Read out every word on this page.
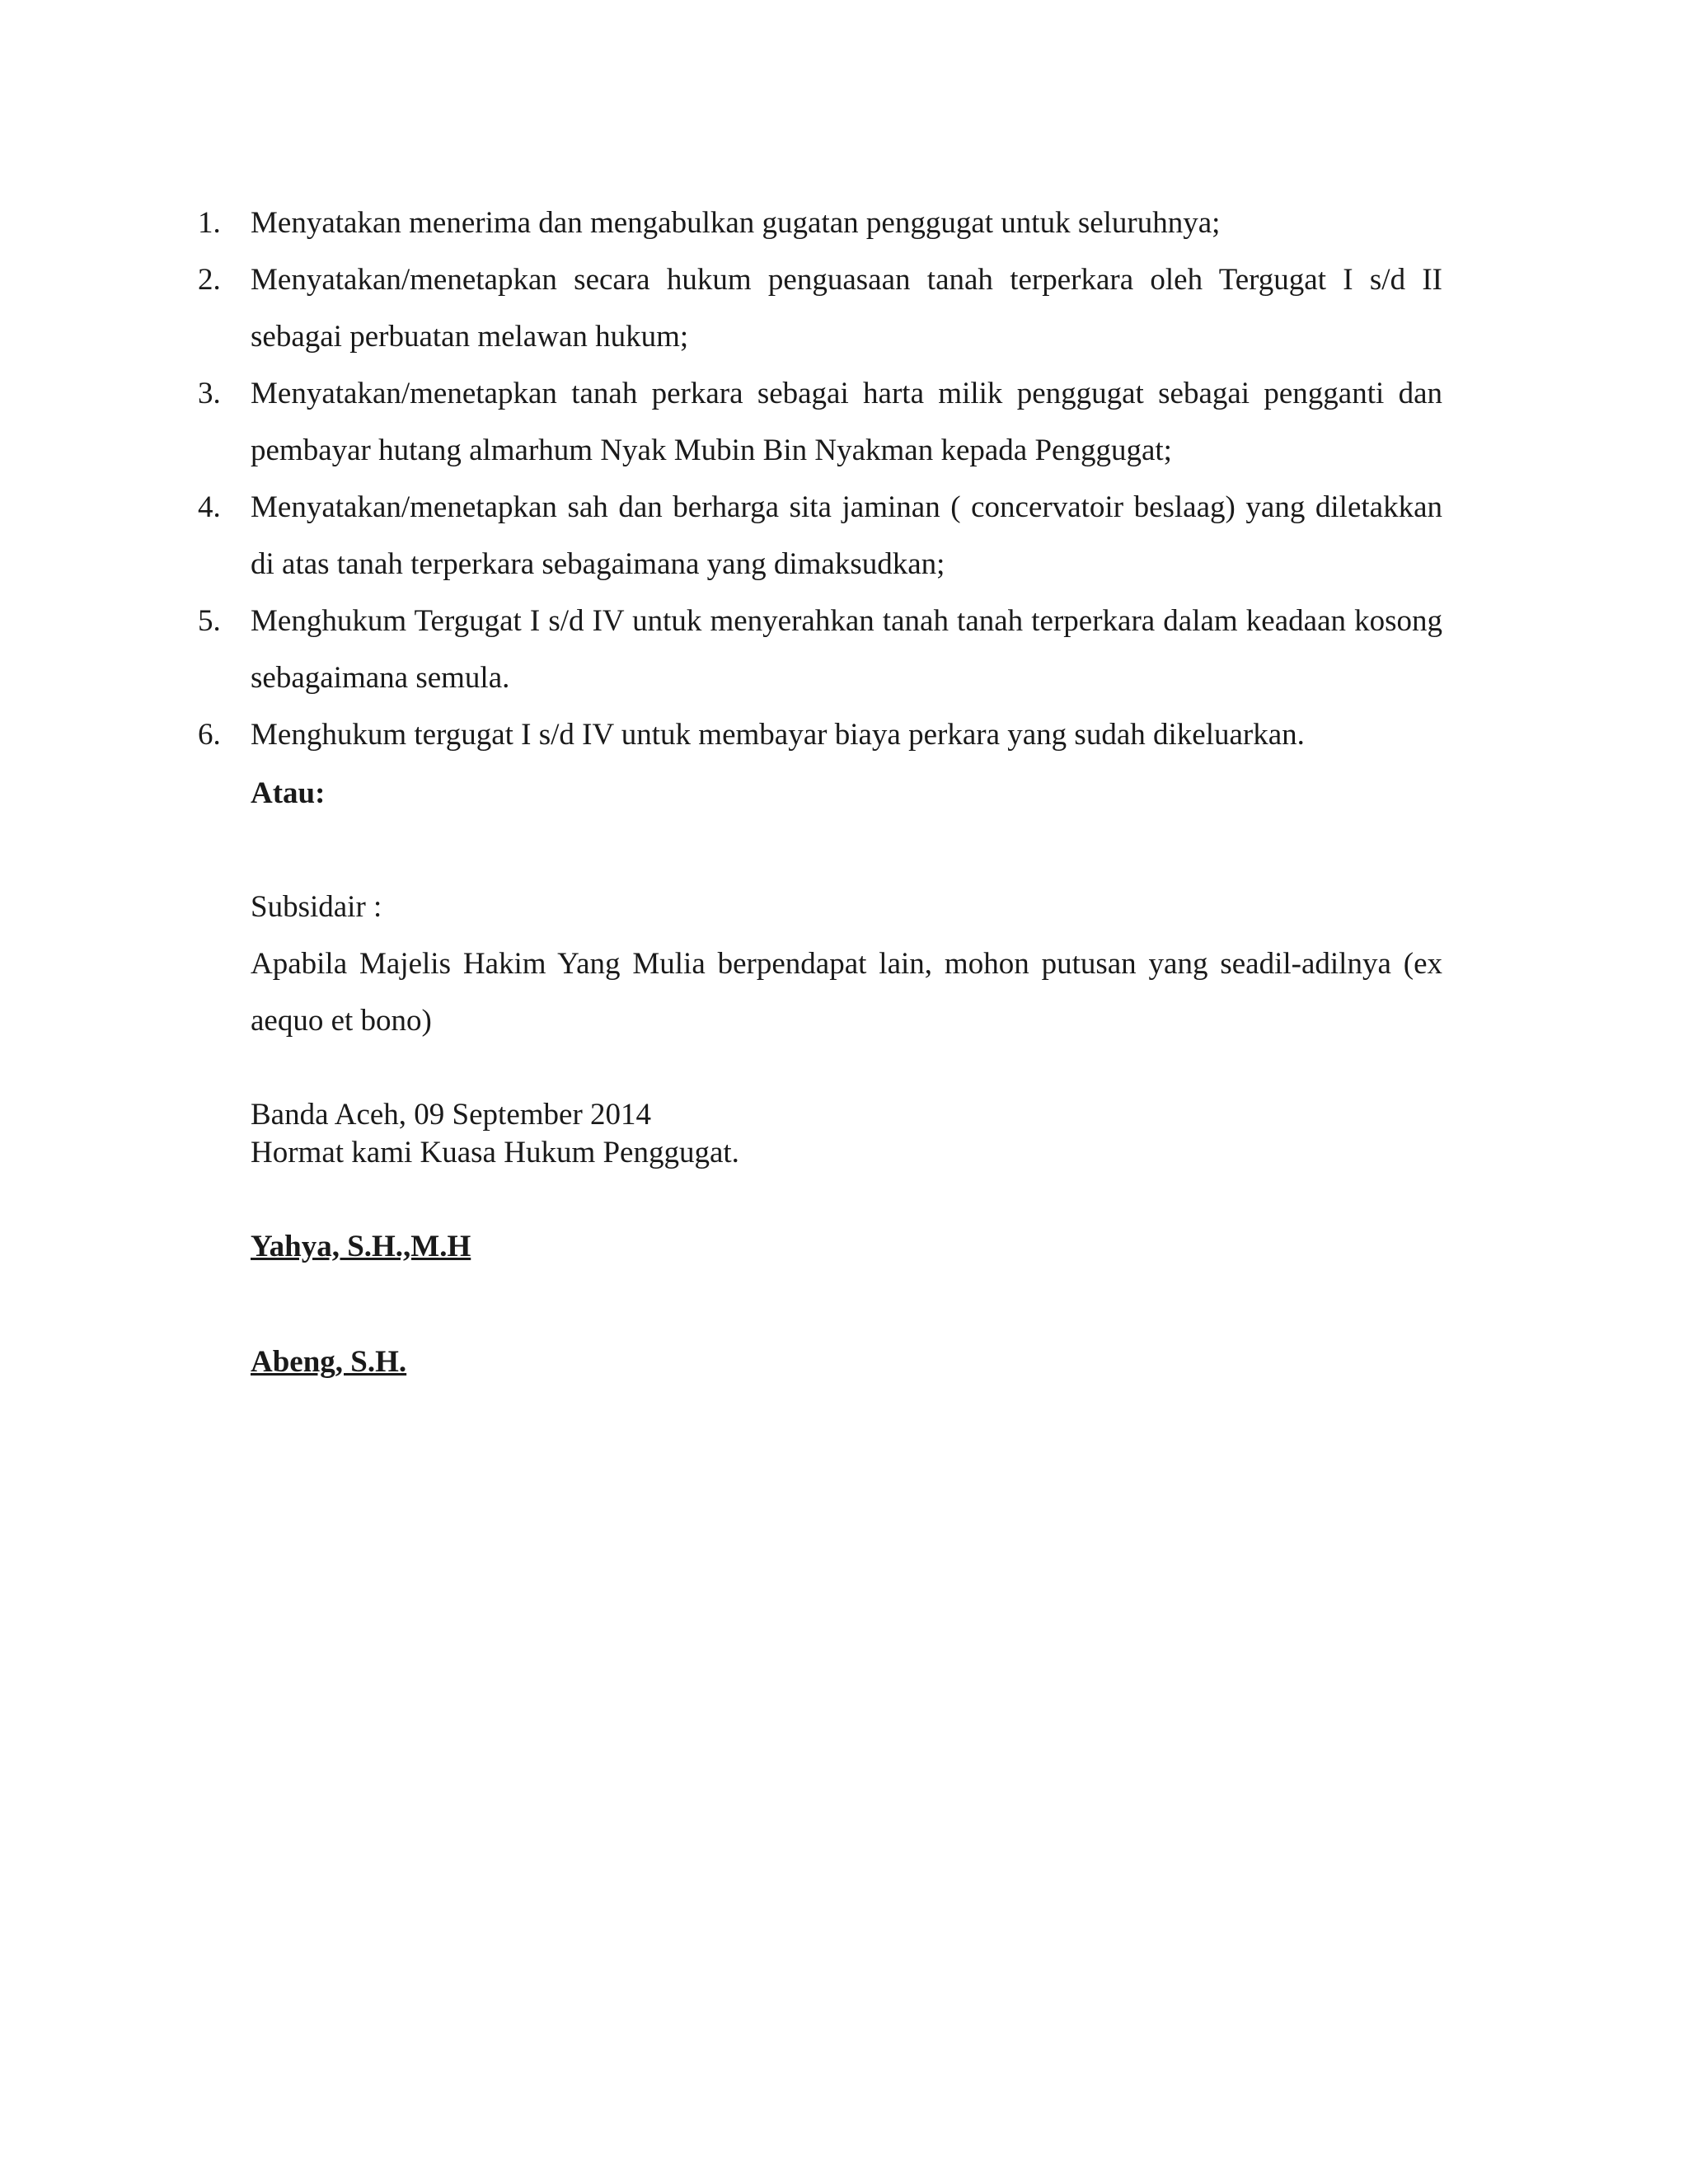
1. Menyatakan menerima dan mengabulkan gugatan penggugat untuk seluruhnya;
2. Menyatakan/menetapkan secara hukum penguasaan tanah terperkara oleh Tergugat I s/d II sebagai perbuatan melawan hukum;
3. Menyatakan/menetapkan tanah perkara sebagai harta milik penggugat sebagai pengganti dan pembayar hutang almarhum Nyak Mubin Bin Nyakman kepada Penggugat;
4. Menyatakan/menetapkan sah dan berharga sita jaminan ( concervatoir beslaag) yang diletakkan di atas tanah terperkara sebagaimana yang dimaksudkan;
5. Menghukum Tergugat I s/d IV untuk menyerahkan tanah tanah terperkara dalam keadaan kosong sebagaimana semula.
6. Menghukum tergugat I s/d IV untuk membayar biaya perkara yang sudah dikeluarkan.
Atau:
Subsidair :
Apabila Majelis Hakim Yang Mulia berpendapat lain, mohon putusan yang seadil-adilnya (ex aequo et bono)
Banda Aceh, 09 September 2014
Hormat kami Kuasa Hukum Penggugat.
Yahya, S.H.,M.H
Abeng, S.H.
